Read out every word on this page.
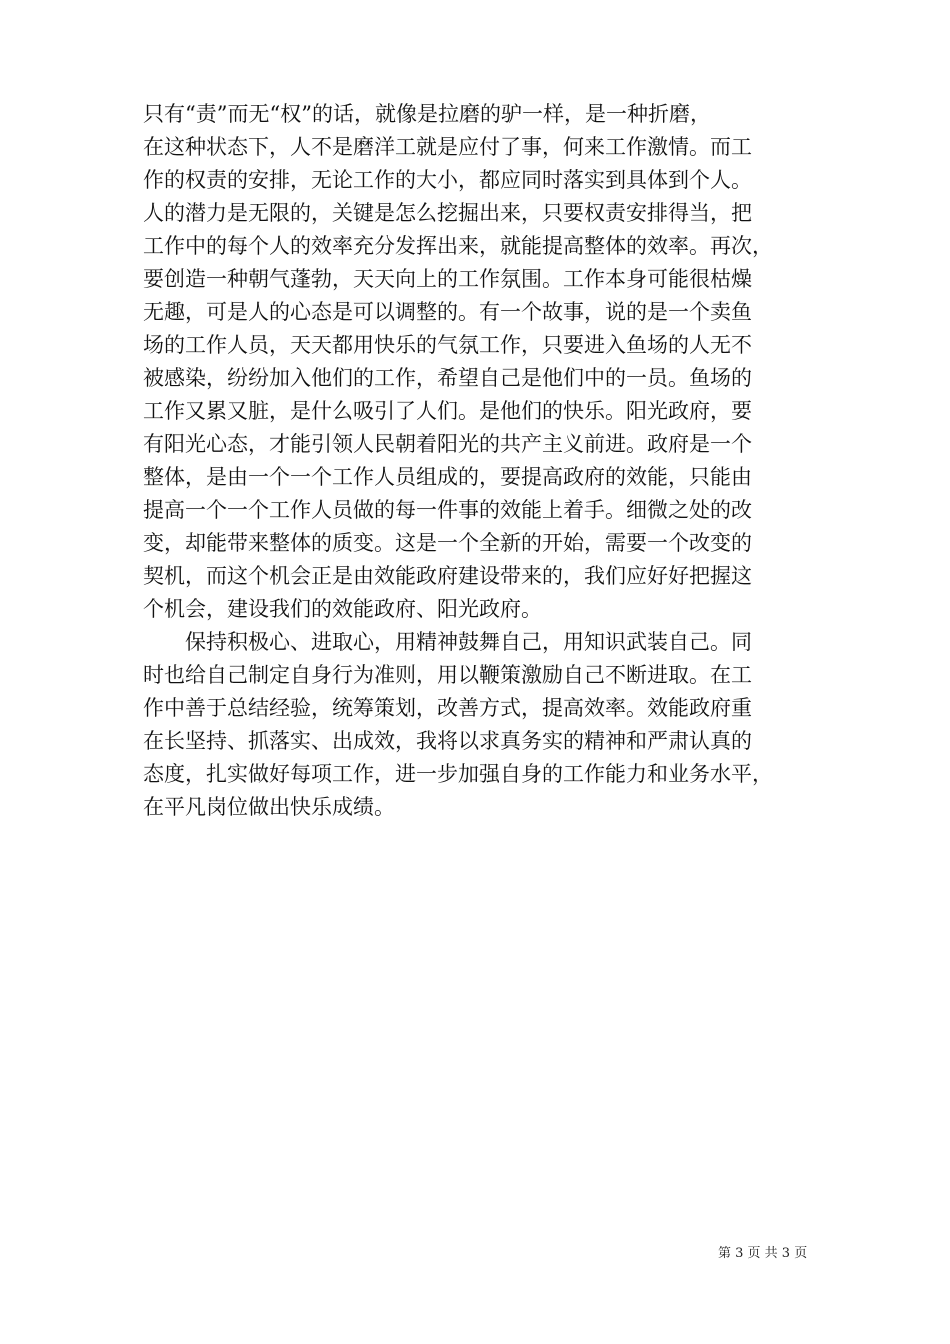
只有“责”而无“权”的话，就像是拉磨的驴一样，是一种折磨，
在这种状态下，人不是磨洋工就是应付了事，何来工作激情。而工
作的权责的安排，无论工作的大小，都应同时落实到具体到个人。
人的潜力是无限的，关键是怎么挖掘出来，只要权责安排得当，把
工作中的每个人的效率充分发挥出来，就能提高整体的效率。再次，
要创造一种朝气蓬勃，天天向上的工作氛围。工作本身可能很枯燥
无趣，可是人的心态是可以调整的。有一个故事，说的是一个卖鱼
场的工作人员，天天都用快乐的气氛工作，只要进入鱼场的人无不
被感染，纷纷加入他们的工作，希望自己是他们中的一员。鱼场的
工作又累又脏，是什么吸引了人们。是他们的快乐。阳光政府，要
有阳光心态，才能引领人民朝着阳光的共产主义前进。政府是一个
整体，是由一个一个工作人员组成的，要提高政府的效能，只能由
提高一个一个工作人员做的每一件事的效能上着手。细微之处的改
变，却能带来整体的质变。这是一个全新的开始，需要一个改变的
契机，而这个机会正是由效能政府建设带来的，我们应好好把握这
个机会，建设我们的效能政府、阳光政府。
保持积极心、进取心，用精神鼓舞自己，用知识武装自己。同
时也给自己制定自身行为准则，用以鞭策激励自己不断进取。在工
作中善于总结经验，统筹策划，改善方式，提高效率。效能政府重
在长坚持、抓落实、出成效，我将以求真务实的精神和严肃认真的
态度，扎实做好每项工作，进一步加强自身的工作能力和业务水平，
在平凡岗位做出快乐成绩。
第 3 页 共 3 页
